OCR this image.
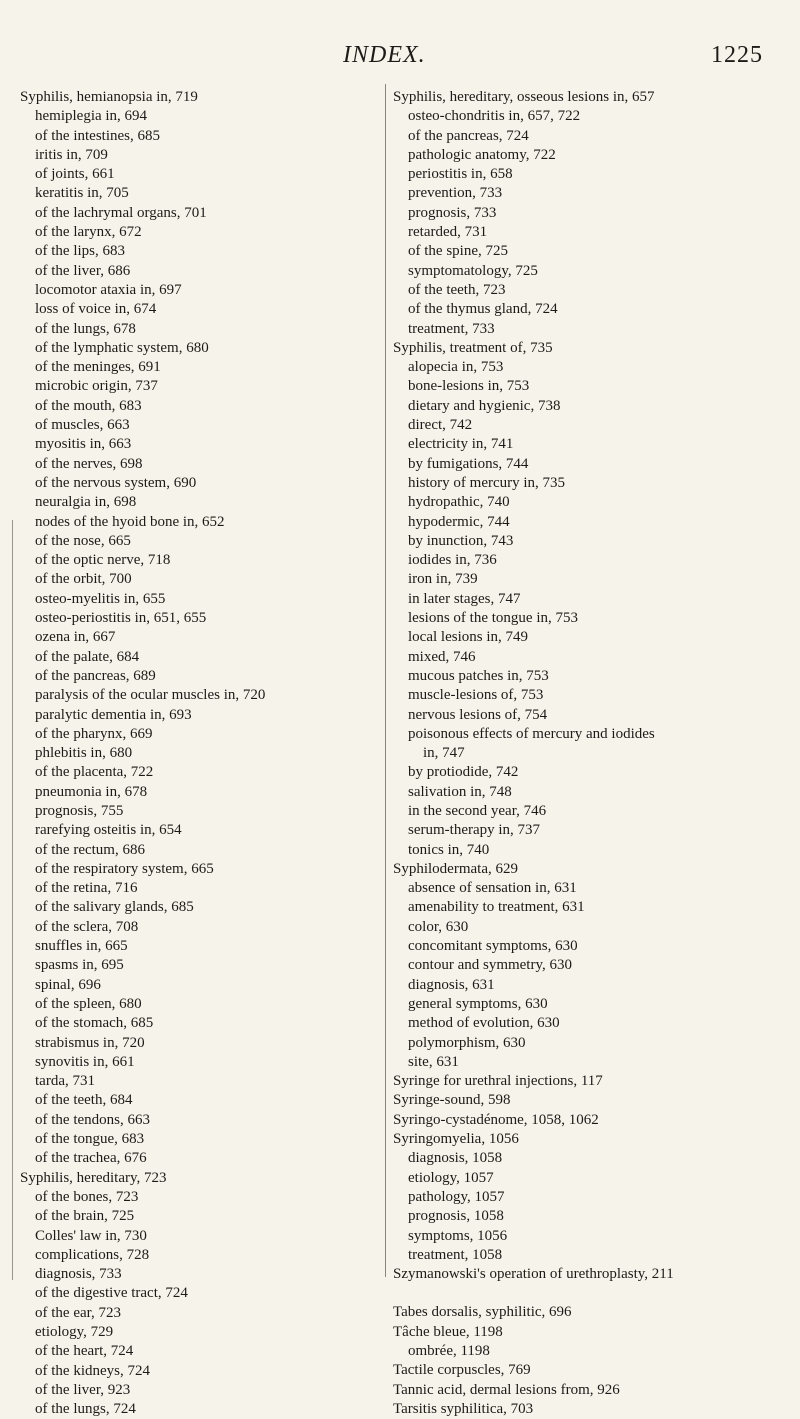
INDEX.	1225
Syphilis, hemianopsia in, 719
hemiplegia in, 694
of the intestines, 685
iritis in, 709
of joints, 661
keratitis in, 705
of the lachrymal organs, 701
of the larynx, 672
of the lips, 683
of the liver, 686
locomotor ataxia in, 697
loss of voice in, 674
of the lungs, 678
of the lymphatic system, 680
of the meninges, 691
microbic origin, 737
of the mouth, 683
of muscles, 663
myositis in, 663
of the nerves, 698
of the nervous system, 690
neuralgia in, 698
nodes of the hyoid bone in, 652
of the nose, 665
of the optic nerve, 718
of the orbit, 700
osteo-myelitis in, 655
osteo-periostitis in, 651, 655
ozena in, 667
of the palate, 684
of the pancreas, 689
paralysis of the ocular muscles in, 720
paralytic dementia in, 693
of the pharynx, 669
phlebitis in, 680
of the placenta, 722
pneumonia in, 678
prognosis, 755
rarefying osteitis in, 654
of the rectum, 686
of the respiratory system, 665
of the retina, 716
of the salivary glands, 685
of the sclera, 708
snuffles in, 665
spasms in, 695
spinal, 696
of the spleen, 680
of the stomach, 685
strabismus in, 720
synovitis in, 661
tarda, 731
of the teeth, 684
of the tendons, 663
of the tongue, 683
of the trachea, 676
Syphilis, hereditary, 723
of the bones, 723
of the brain, 725
Colles' law in, 730
complications, 728
diagnosis, 733
of the digestive tract, 724
of the ear, 723
etiology, 729
of the heart, 724
of the kidneys, 724
of the liver, 923
of the lungs, 724
Syphilis, hereditary, osseous lesions in, 657
osteo-chondritis in, 657, 722
of the pancreas, 724
pathologic anatomy, 722
periostitis in, 658
prevention, 733
prognosis, 733
retarded, 731
of the spine, 725
symptomatology, 725
of the teeth, 723
of the thymus gland, 724
treatment, 733
Syphilis, treatment of, 735
alopecia in, 753
bone-lesions in, 753
dietary and hygienic, 738
direct, 742
electricity in, 741
by fumigations, 744
history of mercury in, 735
hydropathic, 740
hypodermic, 744
by inunction, 743
iodides in, 736
iron in, 739
in later stages, 747
lesions of the tongue in, 753
local lesions in, 749
mixed, 746
mucous patches in, 753
muscle-lesions of, 753
nervous lesions of, 754
poisonous effects of mercury and iodides
in, 747
by protiodide, 742
salivation in, 748
in the second year, 746
serum-therapy in, 737
tonics in, 740
Syphilodermata, 629
absence of sensation in, 631
amenability to treatment, 631
color, 630
concomitant symptoms, 630
contour and symmetry, 630
diagnosis, 631
general symptoms, 630
method of evolution, 630
polymorphism, 630
site, 631
Syringe for urethral injections, 117
Syringe-sound, 598
Syringo-cystadénome, 1058, 1062
Syringomyelia, 1056
diagnosis, 1058
etiology, 1057
pathology, 1057
prognosis, 1058
symptoms, 1056
treatment, 1058
Szymanowski's operation of urethroplasty, 211
Tabes dorsalis, syphilitic, 696
Tâche bleue, 1198
ombrée, 1198
Tactile corpuscles, 769
Tannic acid, dermal lesions from, 926
Tarsitis syphilitica, 703
